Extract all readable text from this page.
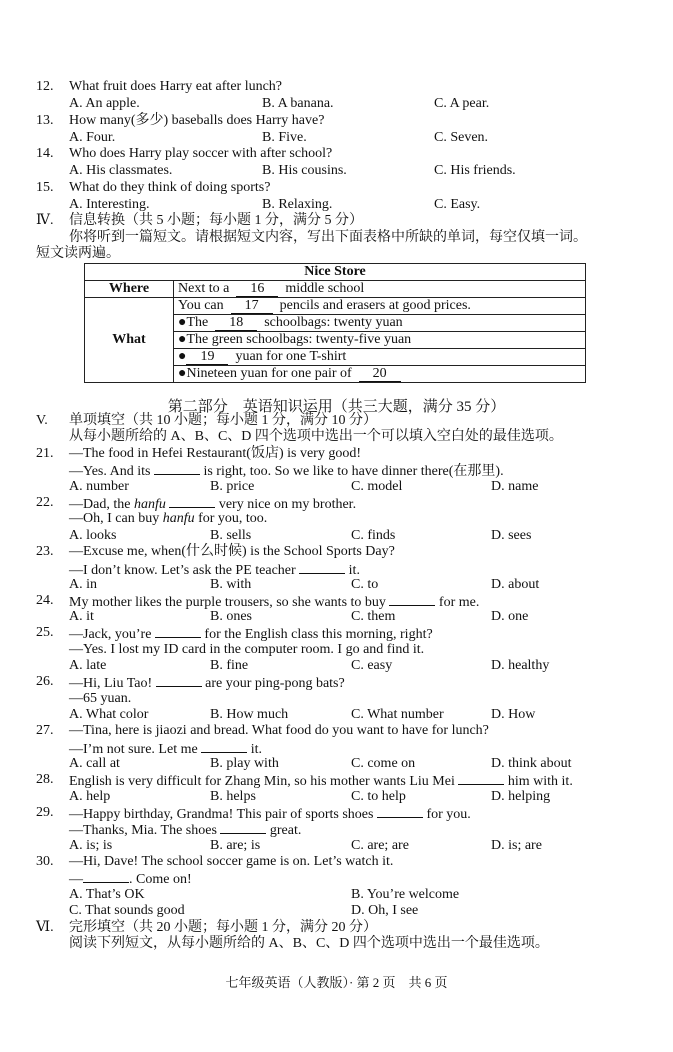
12. What fruit does Harry eat after lunch?
A. An apple.	B. A banana.	C. A pear.
13. How many(多少) baseballs does Harry have?
A. Four.	B. Five.	C. Seven.
14. Who does Harry play soccer with after school?
A. His classmates.	B. His cousins.	C. His friends.
15. What do they think of doing sports?
A. Interesting.	B. Relaxing.	C. Easy.
Ⅳ. 信息转换（共 5 小题；每小题 1 分，满分 5 分）
你将听到一篇短文。请根据短文内容，写出下面表格中所缺的单词，每空仅填一词。
短文读两遍。
Nice Store	
Where	Next to a 16 middle school
What	You can 17 pencils and erasers at good prices.
	●The 18 schoolbags: twenty yuan
	●The green schoolbags: twenty-five yuan
	● 19 yuan for one T-shirt
	●Nineteen yuan for one pair of 20
第二部分　英语知识运用（共三大题，满分 35 分）
V. 单项填空（共 10 小题；每小题 1 分，满分 10 分）
从每小题所给的 A、B、C、D 四个选项中选出一个可以填入空白处的最佳选项。
21. —The food in Hefei Restaurant(饭店) is very good!
—Yes. And its	is right, too. So we like to have dinner there(在那里).
A. number	B. price	C. model	D. name
22. —Dad, the hanfu	very nice on my brother.
—Oh, I can buy hanfu for you, too.
A. looks	B. sells	C. finds	D. sees
23. —Excuse me, when(什么时候) is the School Sports Day?
—I don’t know. Let’s ask the PE teacher	it.
A. in	B. with	C. to	D. about
24. My mother likes the purple trousers, so she wants to buy	for me.
A. it	B. ones	C. them	D. one
25. —Jack, you’re	for the English class this morning, right?
—Yes. I lost my ID card in the computer room. I go and find it.
A. late	B. fine	C. easy	D. healthy
26. —Hi, Liu Tao!	are your ping-pong bats?
—65 yuan.
A. What color	B. How much	C. What number	D. How
27. —Tina, here is jiaozi and bread. What food do you want to have for lunch?
—I’m not sure. Let me	it.
A. call at	B. play with	C. come on	D. think about
28. English is very difficult for Zhang Min, so his mother wants Liu Mei	him with it.
A. help	B. helps	C. to help	D. helping
29. —Happy birthday, Grandma! This pair of sports shoes	for you.
—Thanks, Mia. The shoes	great.
A. is; is	B. are; is	C. are; are	D. is; are
30. —Hi, Dave! The school soccer game is on. Let’s watch it.
—	. Come on!
A. That’s OK	B. You’re welcome
C. That sounds good	D. Oh, I see
Ⅵ. 完形填空（共 20 小题；每小题 1 分，满分 20 分）
阅读下列短文，从每小题所给的 A、B、C、D 四个选项中选出一个最佳选项。
七年级英语（人教版）· 第 2 页　共 6 页
